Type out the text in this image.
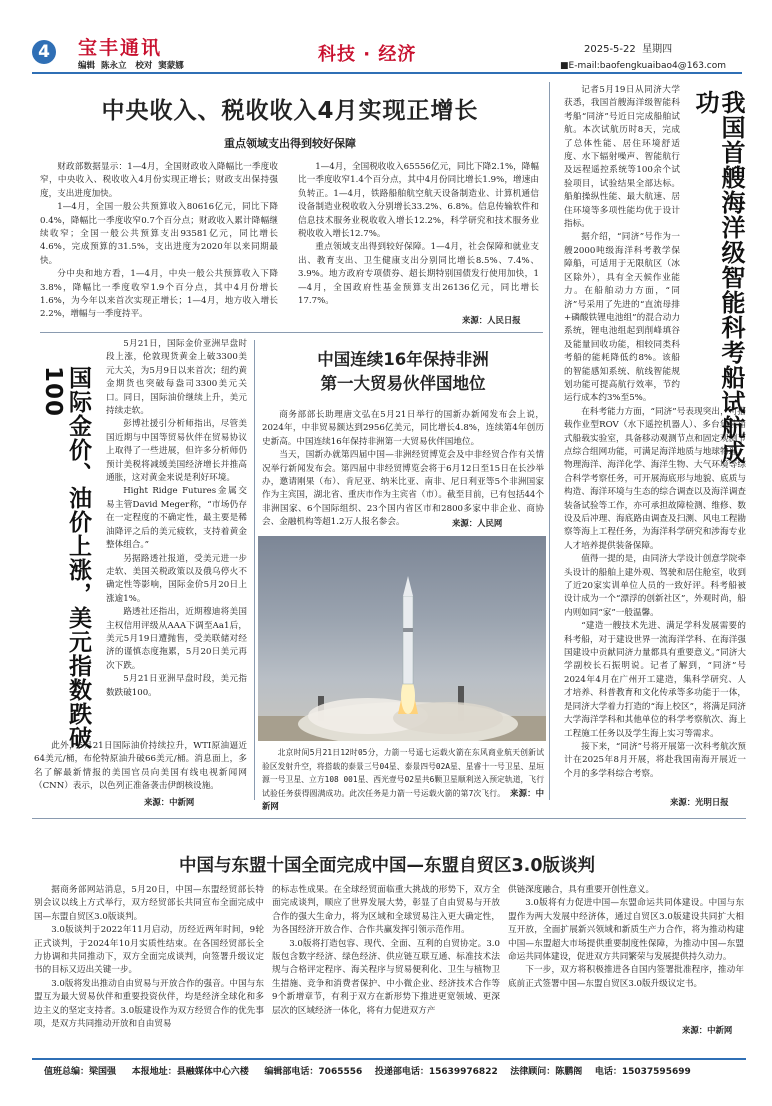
4	宝丰通讯
编辑 陈永立 校对 窦蒙娜
科技 · 经济	2025-5-22 星期四
■E-mail:baofengkuaibao4@163.com
中央收入、税收收入4月实现正增长
重点领域支出得到较好保障

财政部数据显示：1—4月，全国财政收入降幅比一季度收窄，中央收入、税收收入4月份实现正增长；财政支出保持强度，支出进度加快。

1—4月，全国一般公共预算收入80616亿元，同比下降0.4%，降幅比一季度收窄0.7个百分点；财政收入累计降幅继续收窄；全国一般公共预算支出93581亿元，同比增长4.6%，完成预算的31.5%，支出进度为2020年以来同期最快。

分中央和地方看，1—4月，中央一般公共预算收入下降3.8%，降幅比一季度收窄1.9个百分点，其中4月份增长1.6%，为今年以来首次实现正增长；1—4月，地方收入增长2.2%，增幅与一季度持平。

1—4月，全国税收收入65556亿元，同比下降2.1%，降幅比一季度收窄1.4个百分点，其中4月份同比增长1.9%，增速由负转正。1—4月，铁路船舶航空航天设备制造业、计算机通信设备制造业税收收入分别增长33.2%、6.8%。信息传输软件和信息技术服务业税收收入增长12.2%，科学研究和技术服务业税收收入增长12.7%。

重点领域支出得到较好保障。1—4月，社会保障和就业支出、教育支出、卫生健康支出分别同比增长8.5%、7.4%、3.9%。地方政府专项债券、超长期特别国债发行使用加快，1—4月，全国政府性基金预算支出26136亿元，同比增长17.7%。

来源：人民日报

记者5月19日从同济大学获悉，我国首艘海洋级智能科考船“同济”号近日完成船舶试航。本次试航历时8天，完成了总体性能、居住环境舒适度、水下辐射噪声、智能航行及远程遥控系统等100余个试验项目，试验结果全部达标。船舶操纵性能、最大航速、居住环境等多项性能均优于设计指标。

据介绍，“同济”号作为一艘2000吨级海洋科考教学保障船，可适用于无限航区（冰区除外），具有全天候作业能力。在船舶动力方面，“同济”号采用了先进的“直流母排+磷酸铁锂电池组”的混合动力系统，锂电池组起到削峰填谷及能量回收功能，相较同类科考船的能耗降低约8%。该船的智能感知系统、航线智能规划功能可提高航行效率，节约运行成本约3%至5%。

在科考能力方面，“同济”号表现突出，可搭载作业型ROV（水下遥控机器人）、多台集装箱式船载实验室，具备移动观测节点和固定观测节点综合组网功能，可满足海洋地质与地球物理、物理海洋、海洋化学、海洋生物、大气环境等综合科学考察任务，可开展海底形与地貌、底质与构造、海洋环境与生态的综合调查以及海洋调查装备试验等工作，亦可承担故障检测、维修、数设及后冲理、海底路由调查及扫测、风电工程勘察等海上工程任务，为海洋科学研究和涉海专业人才培养提供装备保障。

值得一提的是，由同济大学设计创意学院牵头设计的船舶上建外观、驾驶和居住舱室，收到了近20家实训单位人员的一致好评。科考船被设计成为一个“漂浮的创新社区”，外观时尚，船内则如同“家”一般温馨。

“建造一艘技术先进、满足学科发展需要的科考船，对于建设世界一流海洋学科、在海洋强国建设中贡献同济力量都具有重要意义。”同济大学副校长石振明说。记者了解到，“同济”号2024年4月在广州开工建造，集科学研究、人才培养、科普教育和文化传承等多功能于一体，是同济大学着力打造的“海上校区”，将满足同济大学海洋学科和其他单位的科学考察航次、海上工程施工任务以及学生海上实习等需求。

接下来，“同济”号将开展第一次科考航次预计在2025年8月开展，将赴我国南海开展近一个月的多学科综合考察。

我国首艘海洋级智能科考船试航成功
来源：光明日报
国际金价、油价上涨，美元指数跌破100

5月21日，国际金价亚洲早盘时段上涨，伦敦现货黄金上破3300美元大关，为5月9日以来首次；纽约黄金期货也突破每盎司3300美元关口。同日，国际油价继续上升，美元持续走软。

彭博社援引分析师指出，尽管美国近期与中国等贸易伙伴在贸易协议上取得了一些进展，但许多分析师仍预计美税将减缓美国经济增长并推高通胀，这对黄金来说是利好环境。

Hight Ridge Futures金属交易主管David Meger称，“市场仍存在一定程度的不确定性，最主要是稀油降评之后的美元疲软，支持着黄金整体组合。”

另据路透社报道，受美元进一步走软、美国关税政策以及俄乌停火不确定性等影响，国际金价5月20日上涨逾1%。

路透社还指出，近期穆迪将美国主权信用评级从AAA下调至Aa1后，美元5月19日遭抛售，受美联储对经济的谨慎态度拖累，5月20日美元再次下跌。

5月21日亚洲早盘时段，美元指数跌破100。

此外，5月21日国际油价持续拉升，WTI原油逼近64美元/桶，布伦特原油升破66美元/桶。消息面上，多名了解最新情报的美国官员向美国有线电视新闻网（CNN）表示，以色列正准备袭击伊朗核设施。

来源：中新网
中国连续16年保持非洲
第一大贸易伙伴国地位

商务部部长助理唐文弘在5月21日举行的国新办新闻发布会上说，2024年，中非贸易额达到2956亿美元，同比增长4.8%，连续第4年创历史新高。中国连续16年保持非洲第一大贸易伙伴国地位。

当天，国新办就第四届中国—非洲经贸博览会及中非经贸合作有关情况举行新闻发布会。第四届中非经贸博览会将于6月12日至15日在长沙举办，邀请刚果（布）、肯尼亚、纳米比亚、南非、尼日利亚等5个非洲国家作为主宾国，湖北省、重庆市作为主宾省（市）。截至目前，已有包括44个非洲国家、6个国际组织、23个国内省区市和2800多家中非企业、商协会、金融机构等超1.2万人报名参会。	来源：人民网
北京时间5月21日12时05分，力箭一号遥七运载火箭在东风商业航天创新试验区发射升空，将搭载的泰景三号04星、泰景四号02A星、星睿十一号卫星、星垣源一号卫星、立方108 001星、西光壹号02星共6颗卫星顺利送入预定轨道，飞行试验任务获得圆满成功。此次任务是力箭一号运载火箭的第7次飞行。 来源：中新网
中国与东盟十国全面完成中国—东盟自贸区3.0版谈判

据商务部网站消息，5月20日，中国—东盟经贸部长特别会议以线上方式举行，双方经贸部长共同宣布全面完成中国—东盟自贸区3.0版谈判。

3.0版谈判于2022年11月启动，历经近两年时间，9轮正式谈判，于2024年10月实质性结束。在各国经贸部长全力协调和共同推动下，双方全面完成谈判，向签署升级议定书的目标又迈出关键一步。

3.0版将发出推动自由贸易与开放合作的强音。中国与东盟互为最大贸易伙伴和重要投资伙伴，均是经济全球化和多边主义的坚定支持者。3.0版建设作为双方经贸合作的优先事项，是双方共同推动开放和自由贸易

的标志性成果。在全球经贸面临重大挑战的形势下，双方全面完成谈判，顺应了世界发展大势，彰显了自由贸易与开放合作的强大生命力，将为区域和全球贸易注入更大确定性，为各国经济开放合作、合作共赢发挥引领示范作用。

3.0版将打造包容、现代、全面、互利的自贸协定。3.0版包含数字经济、绿色经济、供应链互联互通、标准技术法规与合格评定程序、海关程序与贸易便利化、卫生与植物卫生措施、竞争和消费者保护、中小微企业、经济技术合作等9个新增章节，有利于双方在新形势下推进更宽领域、更深层次的区域经济一体化，将有力促进双方产

供链深度融合，具有重要开创性意义。

3.0版将有力促进中国—东盟命运共同体建设。中国与东盟作为两大发展中经济体，通过自贸区3.0版建设共同扩大相互开放，全面扩展新兴领域和新质生产力合作，将为推动构建中国—东盟超大市场提供重要制度性保障，为推动中国—东盟命运共同体建设，促进双方共同繁荣与发展提供持久动力。

下一步，双方将积极推进各自国内签署批准程序，推动年底前正式签署中国—东盟自贸区3.0版升级议定书。

来源：中新网
值班总编：梁国强 本报地址：县融媒体中心六楼 编辑部电话：7065556 投递部电话：15639976822 法律顾问：陈鹏阁 电话：15037595699
